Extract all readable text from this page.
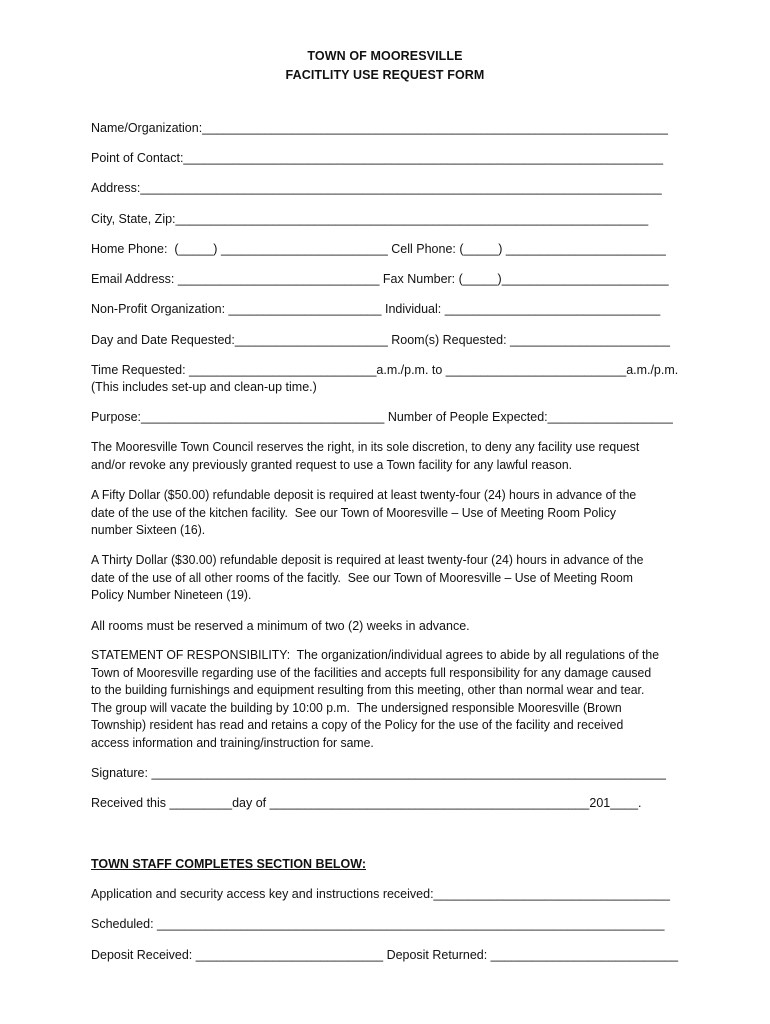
TOWN OF MOORESVILLE
FACITLITY USE REQUEST FORM
Name/Organization:___________________________________________________________________
Point of Contact:_____________________________________________________________________
Address:___________________________________________________________________________
City, State, Zip:____________________________________________________________________
Home Phone:  (_____) ________________________ Cell Phone: (_____) _______________________
Email Address: _____________________________ Fax Number: (_____)________________________
Non-Profit Organization: ______________________ Individual: _______________________________
Day and Date Requested:______________________ Room(s) Requested: _______________________
Time Requested: ___________________________a.m./p.m. to __________________________a.m./p.m.
(This includes set-up and clean-up time.)
Purpose:___________________________________ Number of People Expected:__________________
The Mooresville Town Council reserves the right, in its sole discretion, to deny any facility use request
and/or revoke any previously granted request to use a Town facility for any lawful reason.
A Fifty Dollar ($50.00) refundable deposit is required at least twenty-four (24) hours in advance of the
date of the use of the kitchen facility.  See our Town of Mooresville – Use of Meeting Room Policy
number Sixteen (16).
A Thirty Dollar ($30.00) refundable deposit is required at least twenty-four (24) hours in advance of the
date of the use of all other rooms of the facitly.  See our Town of Mooresville – Use of Meeting Room
Policy Number Nineteen (19).
All rooms must be reserved a minimum of two (2) weeks in advance.
STATEMENT OF RESPONSIBILITY:  The organization/individual agrees to abide by all regulations of the
Town of Mooresville regarding use of the facilities and accepts full responsibility for any damage caused
to the building furnishings and equipment resulting from this meeting, other than normal wear and tear.
The group will vacate the building by 10:00 p.m.  The undersigned responsible Mooresville (Brown
Township) resident has read and retains a copy of the Policy for the use of the facility and received
access information and training/instruction for same.
Signature: __________________________________________________________________________
Received this _________day of ______________________________________________201____.
TOWN STAFF COMPLETES SECTION BELOW:
Application and security access key and instructions received:__________________________________
Scheduled: _________________________________________________________________________
Deposit Received: ___________________________ Deposit Returned: ___________________________
